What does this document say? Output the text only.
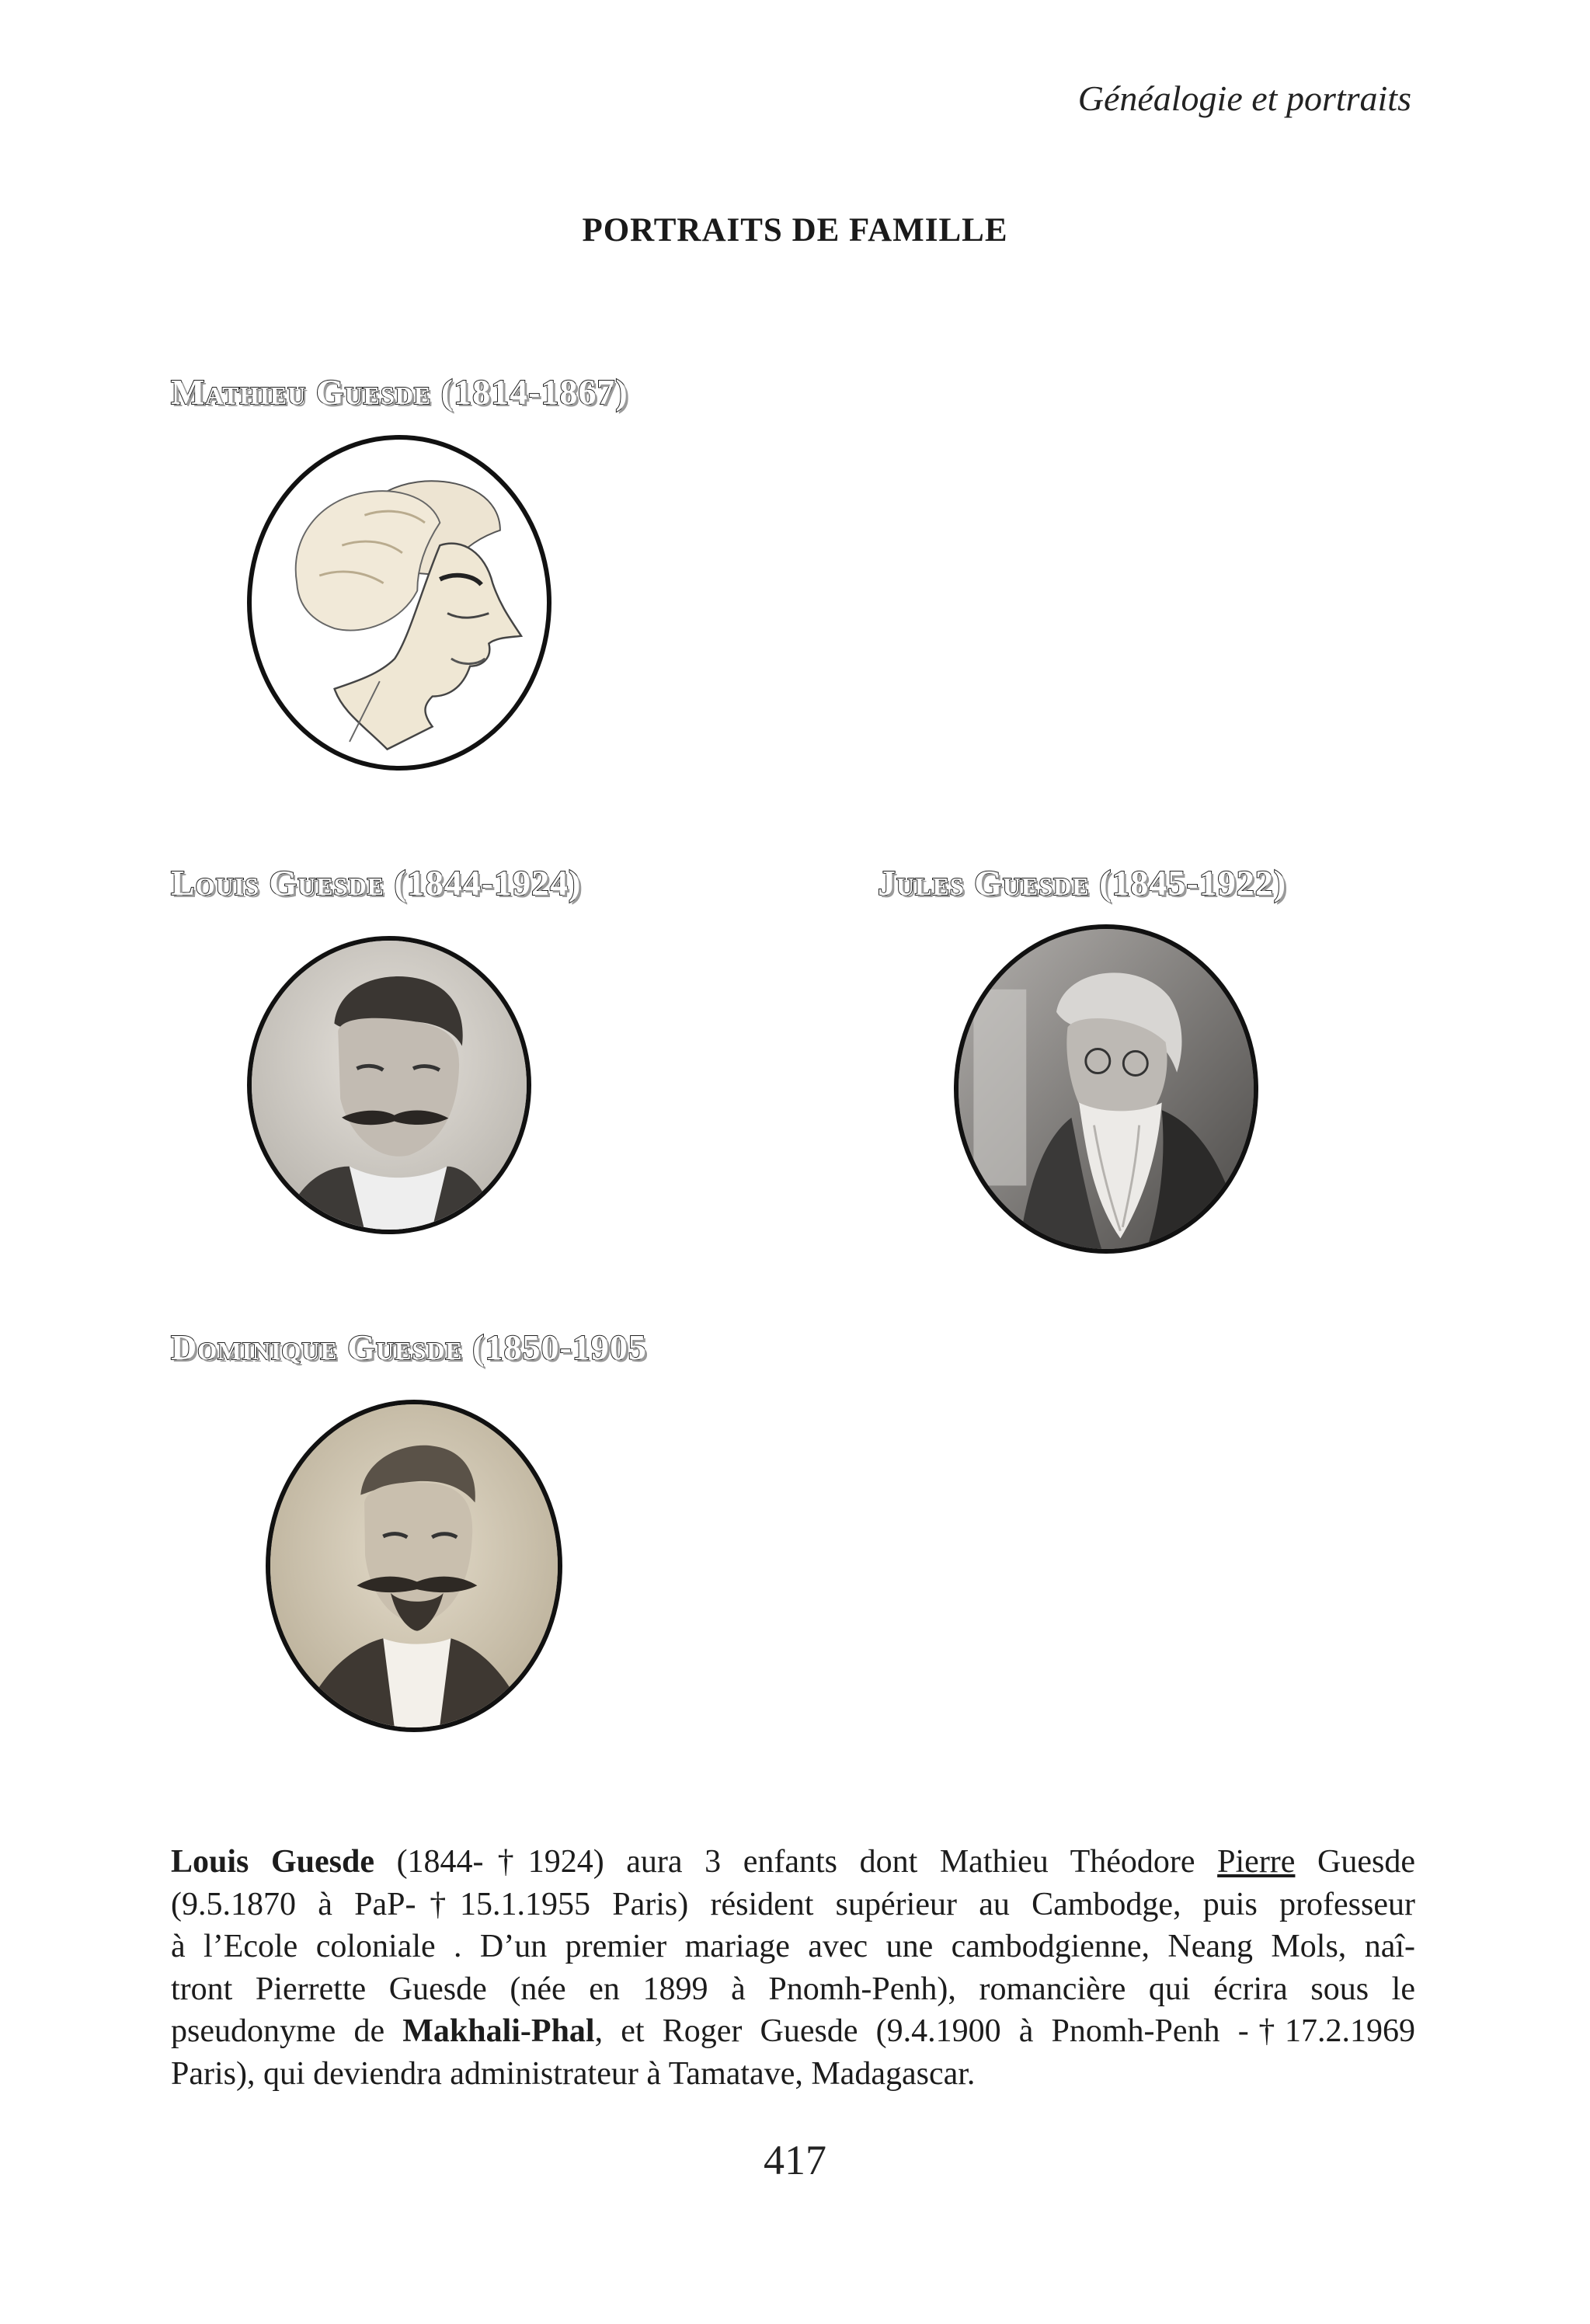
Généalogie et portraits
PORTRAITS DE FAMILLE
Mathieu Guesde (1814-1867)
Louis Guesde (1844-1924)	Jules Guesde (1845-1922)
Dominique Guesde (1850-1905
Louis Guesde (1844-†1924) aura 3 enfants dont Mathieu Théodore Pierre Guesde
(9.5.1870 à PaP-†15.1.1955 Paris) résident supérieur au Cambodge, puis professeur
à l’Ecole coloniale . D’un premier mariage avec une cambodgienne, Neang Mols, naî-
tront Pierrette Guesde (née en 1899 à Pnomh-Penh), romancière qui écrira sous le
pseudonyme de Makhali-Phal, et Roger Guesde (9.4.1900 à Pnomh-Penh -†17.2.1969
Paris), qui deviendra administrateur à Tamatave, Madagascar.
417
